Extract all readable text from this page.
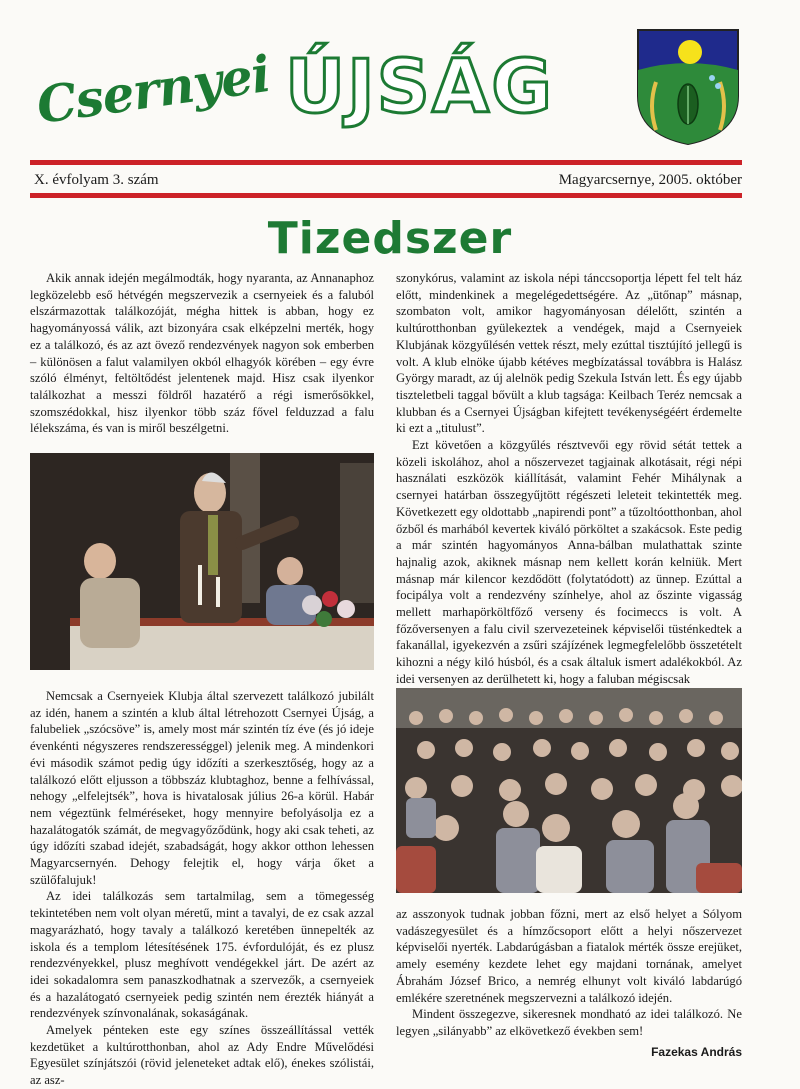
Csernyei ÚJSÁG
X. évfolyam 3. szám	Magyarcsernye, 2005. október
Tizedszer

Akik annak idején megálmodták, hogy nyaranta, az Annanaphoz legközelebb eső hétvégén megszervezik a csernyeiek és a faluból elszármazottak találkozóját, mégha hittek is abban, hogy ez hagyományossá válik, azt bizonyára csak elképzelni merték, hogy ez a találkozó, és az azt övező rendezvények nagyon sok emberben – különösen a falut valamilyen okból elhagyók körében – egy évre szóló élményt, feltöltődést jelentenek majd. Hisz csak ilyenkor találkozhat a messzi földről hazatérő a régi ismerősökkel, szomszédokkal, hisz ilyenkor több száz fővel felduzzad a falu lélekszáma, és van is miről beszélgetni.

Nemcsak a Csernyeiek Klubja által szervezett találkozó jubilált az idén, hanem a szintén a klub által létrehozott Csernyei Újság, a falubeliek „szócsöve” is, amely most már szintén tíz éve (és jó ideje évenkénti négyszeres rendszerességgel) jelenik meg. A mindenkori évi második számot pedig úgy időzíti a szerkesztőség, hogy az a találkozó előtt eljusson a többszáz klubtaghoz, benne a felhívással, nehogy „elfelejtsék”, hova is hivatalosak július 26-a körül. Habár nem végeztünk felméréseket, hogy mennyire befolyásolja ez a hazalátogatók számát, de megvagyőződünk, hogy aki csak teheti, az úgy időzíti szabad idejét, szabadságát, hogy akkor otthon lehessen Magyarcsernyén. Dehogy felejtik el, hogy várja őket a szülőfalujuk!

Az idei találkozás sem tartalmilag, sem a tömegesség tekintetében nem volt olyan méretű, mint a tavalyi, de ez csak azzal magyarázható, hogy tavaly a találkozó keretében ünnepelték az iskola és a templom létesítésének 175. évfordulóját, és ez plusz rendezvényekkel, plusz meghívott vendégekkel járt. De azért az idei sokadalomra sem panaszkodhatnak a szervezők, a csernyeiek és a hazalátogató csernyeiek pedig szintén nem érezték hiányát a rendezvények színvonalának, sokaságának.

Amelyek pénteken este egy színes összeállítással vették kezdetüket a kultúrotthonban, ahol az Ady Endre Művelődési Egyesület színjátszói (rövid jeleneteket adtak elő), énekes szólistái, az asz-

szonykórus, valamint az iskola népi tánccsoportja lépett fel telt ház előtt, mindenkinek a megelégedettségére. Az „ütőnap” másnap, szombaton volt, amikor hagyományosan délelőtt, szintén a kultúrotthonban gyülekeztek a vendégek, majd a Csernyeiek Klubjának közgyűlésén vettek részt, mely ezúttal tisztújító jellegű is volt. A klub elnöke újabb kétéves megbízatással továbbra is Halász György maradt, az új alelnök pedig Szekula István lett. És egy újabb tiszteletbeli taggal bővült a klub tagsága: Keilbach Teréz nemcsak a klubban és a Csernyei Újságban kifejtett tevékenységéért érdemelte ki ezt a „titulust”.

Ezt követően a közgyűlés résztvevői egy rövid sétát tettek a közeli iskolához, ahol a nőszervezet tagjainak alkotásait, régi népi használati eszközök kiállítását, valamint Fehér Mihálynak a csernyei határban összegyűjtött régészeti leleteit tekintették meg. Következett egy oldottabb „napirendi pont” a tűzoltóotthonban, ahol őzből és marhából kevertek kiváló pörköltet a szakácsok. Este pedig a már szintén hagyományos Anna-bálban mulathattak szinte hajnalig azok, akiknek másnap nem kellett korán kelniük. Mert másnap már kilencor kezdődött (folytatódott) az ünnep. Ezúttal a focipálya volt a rendezvény színhelye, ahol az őszinte vigasság mellett marhapörköltfőző verseny és focimeccs is volt. A főzőversenyen a falu civil szervezeteinek képviselői tüsténkedtek a fakanállal, igyekezvén a zsűri szájízének legmegfelelőbb összetételt kihozni a négy kiló húsból, és a csak általuk ismert adalékokból. Az idei versenyen az derülhetett ki, hogy a faluban mégiscsak

az asszonyok tudnak jobban főzni, mert az első helyet a Sólyom vadászegyesület és a hímzőcsoport előtt a helyi nőszervezet képviselői nyerték. Labdarúgásban a fiatalok mérték össze erejüket, amely esemény kezdete lehet egy majdani tornának, amelyet Ábrahám József Brico, a nemrég elhunyt volt kiváló labdarúgó emlékére szeretnének megszervezni a találkozó idején.

Mindent összegezve, sikeresnek mondható az idei találkozó. Ne legyen „silányabb” az elkövetkező években sem!

Fazekas András
